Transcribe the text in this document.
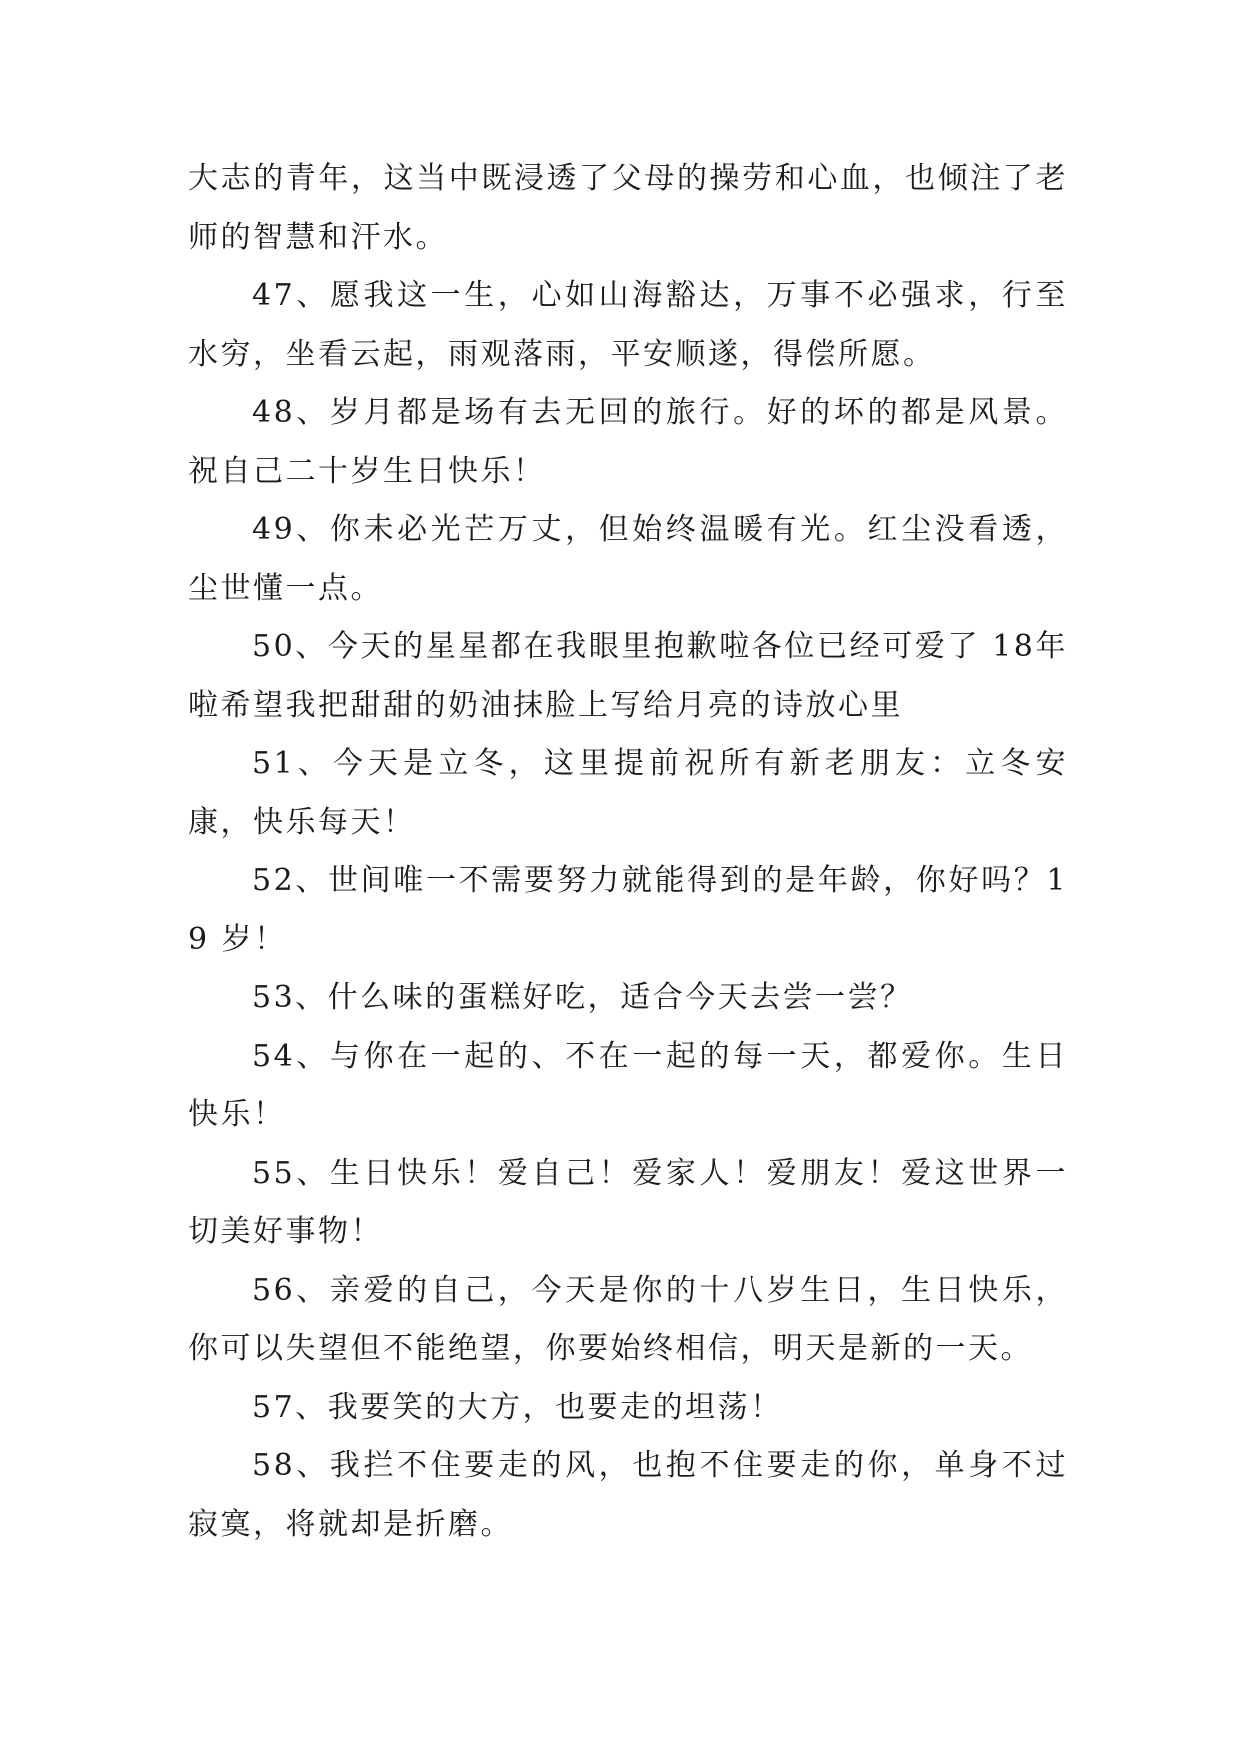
大志的青年，这当中既浸透了父母的操劳和心血，也倾注了老师的智慧和汗水。

47、愿我这一生，心如山海豁达，万事不必强求，行至水穷，坐看云起，雨观落雨，平安顺遂，得偿所愿。

48、岁月都是场有去无回的旅行。好的坏的都是风景。祝自己二十岁生日快乐！

49、你未必光芒万丈，但始终温暖有光。红尘没看透，尘世懂一点。

50、今天的星星都在我眼里抱歉啦各位已经可爱了 18年啦希望我把甜甜的奶油抹脸上写给月亮的诗放心里

51、今天是立冬，这里提前祝所有新老朋友：立冬安康，快乐每天！

52、世间唯一不需要努力就能得到的是年龄，你好吗？19 岁！

53、什么味的蛋糕好吃，适合今天去尝一尝？

54、与你在一起的、不在一起的每一天，都爱你。生日快乐！

55、生日快乐！爱自己！爱家人！爱朋友！爱这世界一切美好事物！

56、亲爱的自己，今天是你的十八岁生日，生日快乐，你可以失望但不能绝望，你要始终相信，明天是新的一天。

57、我要笑的大方，也要走的坦荡！

58、我拦不住要走的风，也抱不住要走的你，单身不过寂寞，将就却是折磨。
